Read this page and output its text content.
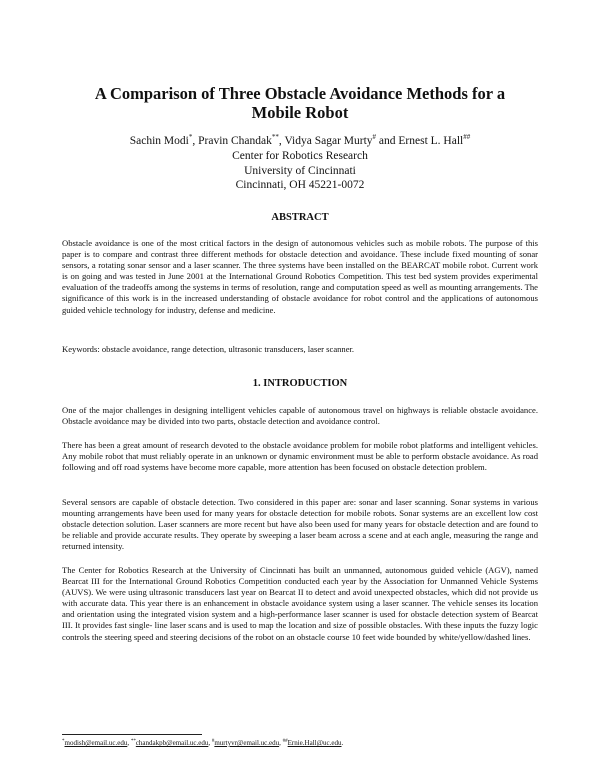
A Comparison of Three Obstacle Avoidance Methods for a
Mobile Robot
Sachin Modi*, Pravin Chandak**, Vidya Sagar Murty# and Ernest L. Hall##
Center for Robotics Research
University of Cincinnati
Cincinnati, OH 45221-0072
ABSTRACT

Obstacle avoidance is one of the most critical factors in the design of autonomous vehicles such as mobile robots. The purpose of this paper is to compare and contrast three different methods for obstacle detection and avoidance. These include fixed mounting of sonar sensors, a rotating sonar sensor and a laser scanner. The three systems have been installed on the BEARCAT mobile robot. Current work is on going and was tested in June 2001 at the International Ground Robotics Competition. This test bed system provides experimental evaluation of the tradeoffs among the systems in terms of resolution, range and computation speed as well as mounting arrangements. The significance of this work is in the increased understanding of obstacle avoidance for robot control and the applications of autonomous guided vehicle technology for industry, defense and medicine.

Keywords: obstacle avoidance, range detection, ultrasonic transducers, laser scanner.

1. INTRODUCTION

One of the major challenges in designing intelligent vehicles capable of autonomous travel on highways is reliable obstacle avoidance. Obstacle avoidance may be divided into two parts, obstacle detection and avoidance control.

There has been a great amount of research devoted to the obstacle avoidance problem for mobile robot platforms and intelligent vehicles. Any mobile robot that must reliably operate in an unknown or dynamic environment must be able to perform obstacle avoidance. As road following and off road systems have become more capable, more attention has been focused on obstacle detection problem.

Several sensors are capable of obstacle detection. Two considered in this paper are: sonar and laser scanning. Sonar systems in various mounting arrangements have been used for many years for obstacle detection for mobile robots. Sonar systems are an excellent low cost obstacle detection solution. Laser scanners are more recent but have also been used for many years for obstacle detection and are found to be reliable and provide accurate results. They operate by sweeping a laser beam across a scene and at each angle, measuring the range and returned intensity.

The Center for Robotics Research at the University of Cincinnati has built an unmanned, autonomous guided vehicle (AGV), named Bearcat III for the International Ground Robotics Competition conducted each year by the Association for Unmanned Vehicle Systems (AUVS). We were using ultrasonic transducers last year on Bearcat II to detect and avoid unexpected obstacles, which did not provide us with accurate data. This year there is an enhancement in obstacle avoidance system using a laser scanner. The vehicle senses its location and orientation using the integrated vision system and a high-performance laser scanner is used for obstacle detection system of Bearcat III. It provides fast single- line laser scans and is used to map the location and size of possible obstacles. With these inputs the fuzzy logic controls the steering speed and steering decisions of the robot on an obstacle course 10 feet wide bounded by white/yellow/dashed lines.

*modish@email.uc.edu, **chandakpb@email.uc.edu, #murtyvr@email.uc.edu, ##Ernie.Hall@uc.edu.
